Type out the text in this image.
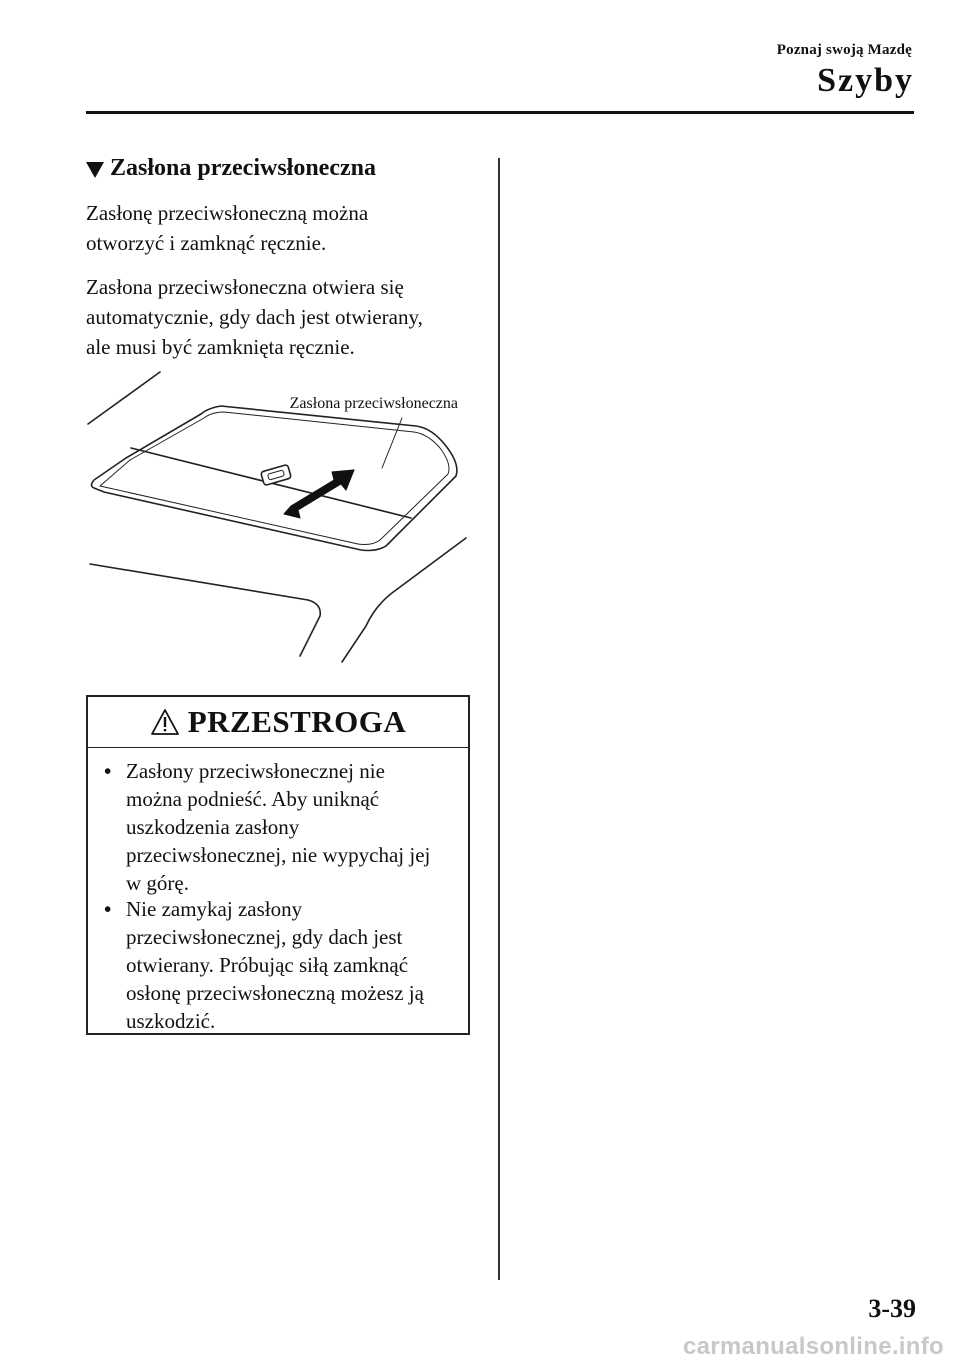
Poznaj swoją Mazdę
Szyby
Zasłona przeciwsłoneczna
Zasłonę przeciwsłoneczną można
otworzyć i zamknąć ręcznie.
Zasłona przeciwsłoneczna otwiera się
automatycznie, gdy dach jest otwierany,
ale musi być zamknięta ręcznie.
Zasłona przeciwsłoneczna
PRZESTROGA
• Zasłony przeciwsłonecznej nie
można podnieść. Aby uniknąć
uszkodzenia zasłony
przeciwsłonecznej, nie wypychaj jej
w górę.
• Nie zamykaj zasłony
przeciwsłonecznej, gdy dach jest
otwierany. Próbując siłą zamknąć
osłonę przeciwsłoneczną możesz ją
uszkodzić.
3-39
carmanualsonline.info
